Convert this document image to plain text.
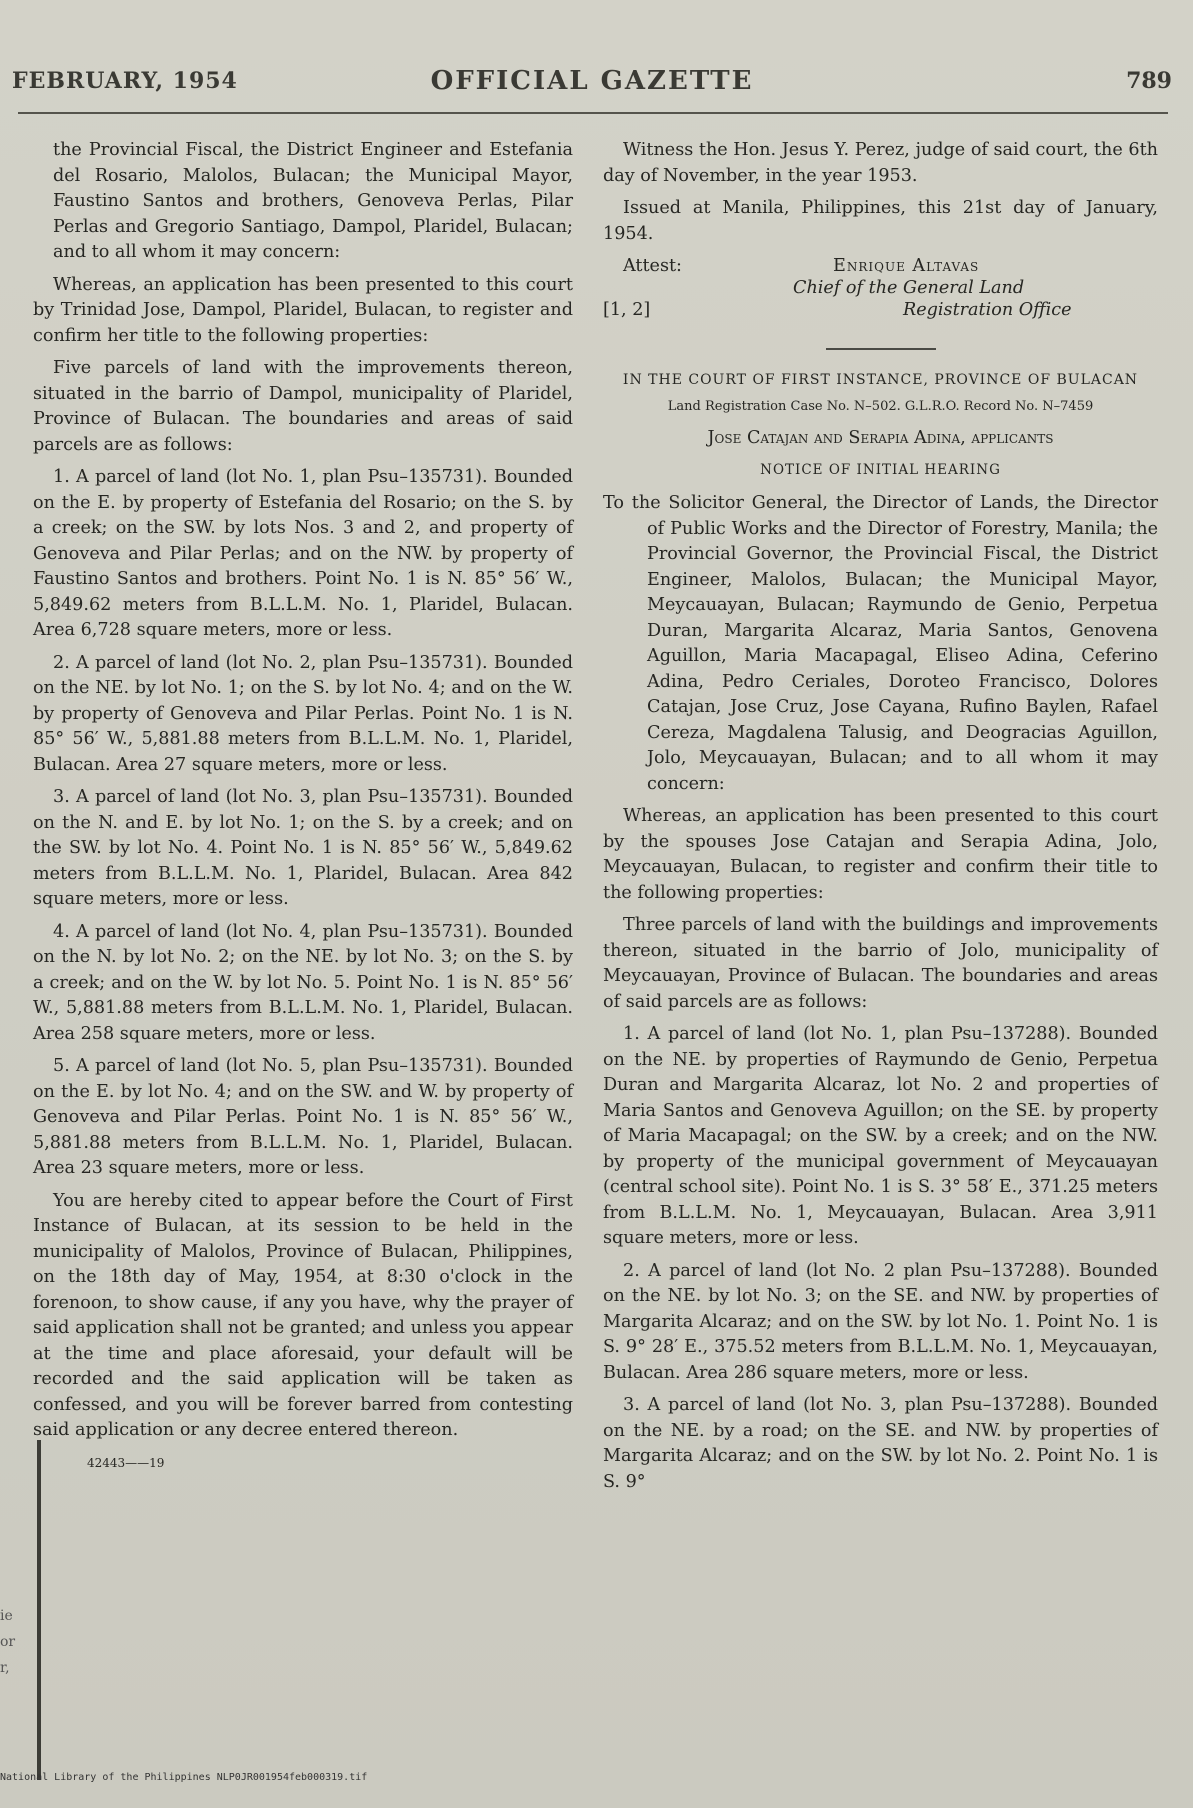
FEBRUARY, 1954	OFFICIAL GAZETTE	789

the Provincial Fiscal, the District Engineer and Estefania del Rosario, Malolos, Bulacan; the Municipal Mayor, Faustino Santos and brothers, Genoveva Perlas, Pilar Perlas and Gregorio Santiago, Dampol, Plaridel, Bulacan; and to all whom it may concern:

Whereas, an application has been presented to this court by Trinidad Jose, Dampol, Plaridel, Bulacan, to register and confirm her title to the following properties:

Five parcels of land with the improvements thereon, situated in the barrio of Dampol, municipality of Plaridel, Province of Bulacan. The boundaries and areas of said parcels are as follows:

1. A parcel of land (lot No. 1, plan Psu–135731). Bounded on the E. by property of Estefania del Rosario; on the S. by a creek; on the SW. by lots Nos. 3 and 2, and property of Genoveva and Pilar Perlas; and on the NW. by property of Faustino Santos and brothers. Point No. 1 is N. 85° 56′ W., 5,849.62 meters from B.L.L.M. No. 1, Plaridel, Bulacan. Area 6,728 square meters, more or less.

2. A parcel of land (lot No. 2, plan Psu–135731). Bounded on the NE. by lot No. 1; on the S. by lot No. 4; and on the W. by property of Genoveva and Pilar Perlas. Point No. 1 is N. 85° 56′ W., 5,881.88 meters from B.L.L.M. No. 1, Plaridel, Bulacan. Area 27 square meters, more or less.

3. A parcel of land (lot No. 3, plan Psu–135731). Bounded on the N. and E. by lot No. 1; on the S. by a creek; and on the SW. by lot No. 4. Point No. 1 is N. 85° 56′ W., 5,849.62 meters from B.L.L.M. No. 1, Plaridel, Bulacan. Area 842 square meters, more or less.

4. A parcel of land (lot No. 4, plan Psu–135731). Bounded on the N. by lot No. 2; on the NE. by lot No. 3; on the S. by a creek; and on the W. by lot No. 5. Point No. 1 is N. 85° 56′ W., 5,881.88 meters from B.L.L.M. No. 1, Plaridel, Bulacan. Area 258 square meters, more or less.

5. A parcel of land (lot No. 5, plan Psu–135731). Bounded on the E. by lot No. 4; and on the SW. and W. by property of Genoveva and Pilar Perlas. Point No. 1 is N. 85° 56′ W., 5,881.88 meters from B.L.L.M. No. 1, Plaridel, Bulacan. Area 23 square meters, more or less.

You are hereby cited to appear before the Court of First Instance of Bulacan, at its session to be held in the municipality of Malolos, Province of Bulacan, Philippines, on the 18th day of May, 1954, at 8:30 o'clock in the forenoon, to show cause, if any you have, why the prayer of said application shall not be granted; and unless you appear at the time and place aforesaid, your default will be recorded and the said application will be taken as confessed, and you will be forever barred from contesting said application or any decree entered thereon.

42443——19

Witness the Hon. Jesus Y. Perez, judge of said court, the 6th day of November, in the year 1953.

Issued at Manila, Philippines, this 21st day of January, 1954.

Attest:	Enrique Altavas
Chief of the General Land
[1, 2]	Registration Office
IN THE COURT OF FIRST INSTANCE, PROVINCE OF BULACAN
Land Registration Case No. N–502. G.L.R.O. Record No. N–7459
Jose Catajan and Serapia Adina, applicants
NOTICE OF INITIAL HEARING

To the Solicitor General, the Director of Lands, the Director of Public Works and the Director of Forestry, Manila; the Provincial Governor, the Provincial Fiscal, the District Engineer, Malolos, Bulacan; the Municipal Mayor, Meycauayan, Bulacan; Raymundo de Genio, Perpetua Duran, Margarita Alcaraz, Maria Santos, Genovena Aguillon, Maria Macapagal, Eliseo Adina, Ceferino Adina, Pedro Ceriales, Doroteo Francisco, Dolores Catajan, Jose Cruz, Jose Cayana, Rufino Baylen, Rafael Cereza, Magdalena Talusig, and Deogracias Aguillon, Jolo, Meycauayan, Bulacan; and to all whom it may concern:

Whereas, an application has been presented to this court by the spouses Jose Catajan and Serapia Adina, Jolo, Meycauayan, Bulacan, to register and confirm their title to the following properties:

Three parcels of land with the buildings and improvements thereon, situated in the barrio of Jolo, municipality of Meycauayan, Province of Bulacan. The boundaries and areas of said parcels are as follows:

1. A parcel of land (lot No. 1, plan Psu–137288). Bounded on the NE. by properties of Raymundo de Genio, Perpetua Duran and Margarita Alcaraz, lot No. 2 and properties of Maria Santos and Genoveva Aguillon; on the SE. by property of Maria Macapagal; on the SW. by a creek; and on the NW. by property of the municipal government of Meycauayan (central school site). Point No. 1 is S. 3° 58′ E., 371.25 meters from B.L.L.M. No. 1, Meycauayan, Bulacan. Area 3,911 square meters, more or less.

2. A parcel of land (lot No. 2 plan Psu–137288). Bounded on the NE. by lot No. 3; on the SE. and NW. by properties of Margarita Alcaraz; and on the SW. by lot No. 1. Point No. 1 is S. 9° 28′ E., 375.52 meters from B.L.L.M. No. 1, Meycauayan, Bulacan. Area 286 square meters, more or less.

3. A parcel of land (lot No. 3, plan Psu–137288). Bounded on the NE. by a road; on the SE. and NW. by properties of Margarita Alcaraz; and on the SW. by lot No. 2. Point No. 1 is S. 9°

ie
or
r,
National Library of the Philippines NLP0JR001954feb000319.tif
